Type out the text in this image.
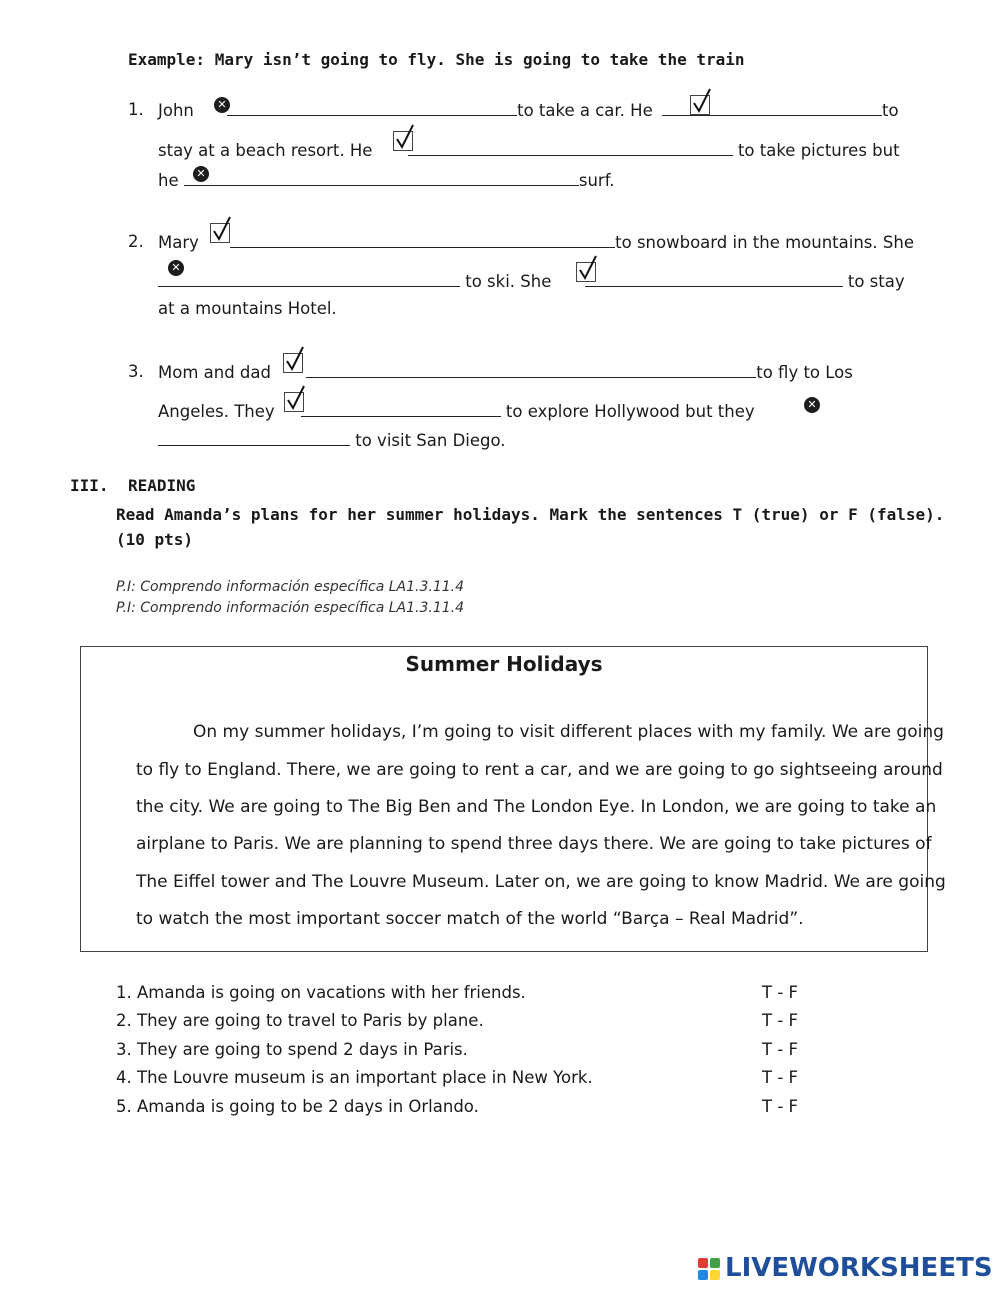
Example: Mary isn’t going to fly. She is going to take the train
1. John	to take a car. He	to
✕
stay at a beach resort. He	to take pictures but
he	surf.
✕
2. Mary	to snowboard in the mountains. She
✕
to ski. She	to stay
at a mountains Hotel.
3. Mom and dad	to fly to Los
Angeles. They	to explore Hollywood but they	✕
to visit San Diego.
III. READING
Read Amanda’s plans for her summer holidays. Mark the sentences T (true) or F (false).
(10 pts)
P.I: Comprendo información específica LA1.3.11.4
P.I: Comprendo información específica LA1.3.11.4
Summer Holidays
On my summer holidays, I’m going to visit different places with my family. We are going
to fly to England. There, we are going to rent a car, and we are going to go sightseeing around
the city. We are going to The Big Ben and The London Eye. In London, we are going to take an
airplane to Paris. We are planning to spend three days there. We are going to take pictures of
The Eiffel tower and The Louvre Museum. Later on, we are going to know Madrid. We are going
to watch the most important soccer match of the world “Barça – Real Madrid”.
1. Amanda is going on vacations with her friends.	T - F
2. They are going to travel to Paris by plane.	T - F
3. They are going to spend 2 days in Paris.	T - F
4. The Louvre museum is an important place in New York.	T - F
5. Amanda is going to be 2 days in Orlando.	T - F
LIVEWORKSHEETS
